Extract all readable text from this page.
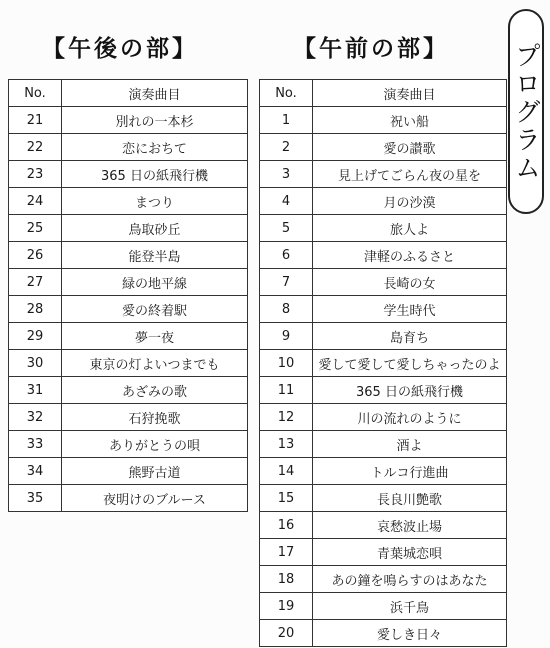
【午後の部】	【午前の部】
No.	演奏曲目
21	別れの一本杉
22	恋におちて
23	365 日の紙飛行機
24	まつり
25	鳥取砂丘
26	能登半島
27	緑の地平線
28	愛の終着駅
29	夢一夜
30	東京の灯よいつまでも
31	あざみの歌
32	石狩挽歌
33	ありがとうの唄
34	熊野古道
35	夜明けのブルース
No.	演奏曲目
1	祝い船
2	愛の讃歌
3	見上げてごらん夜の星を
4	月の沙漠
5	旅人よ
6	津軽のふるさと
7	長崎の女
8	学生時代
9	島育ち
10	愛して愛して愛しちゃったのよ
11	365 日の紙飛行機
12	川の流れのように
13	酒よ
14	トルコ行進曲
15	長良川艶歌
16	哀愁波止場
17	青葉城恋唄
18	あの鐘を鳴らすのはあなた
19	浜千鳥
20	愛しき日々
プログラム
